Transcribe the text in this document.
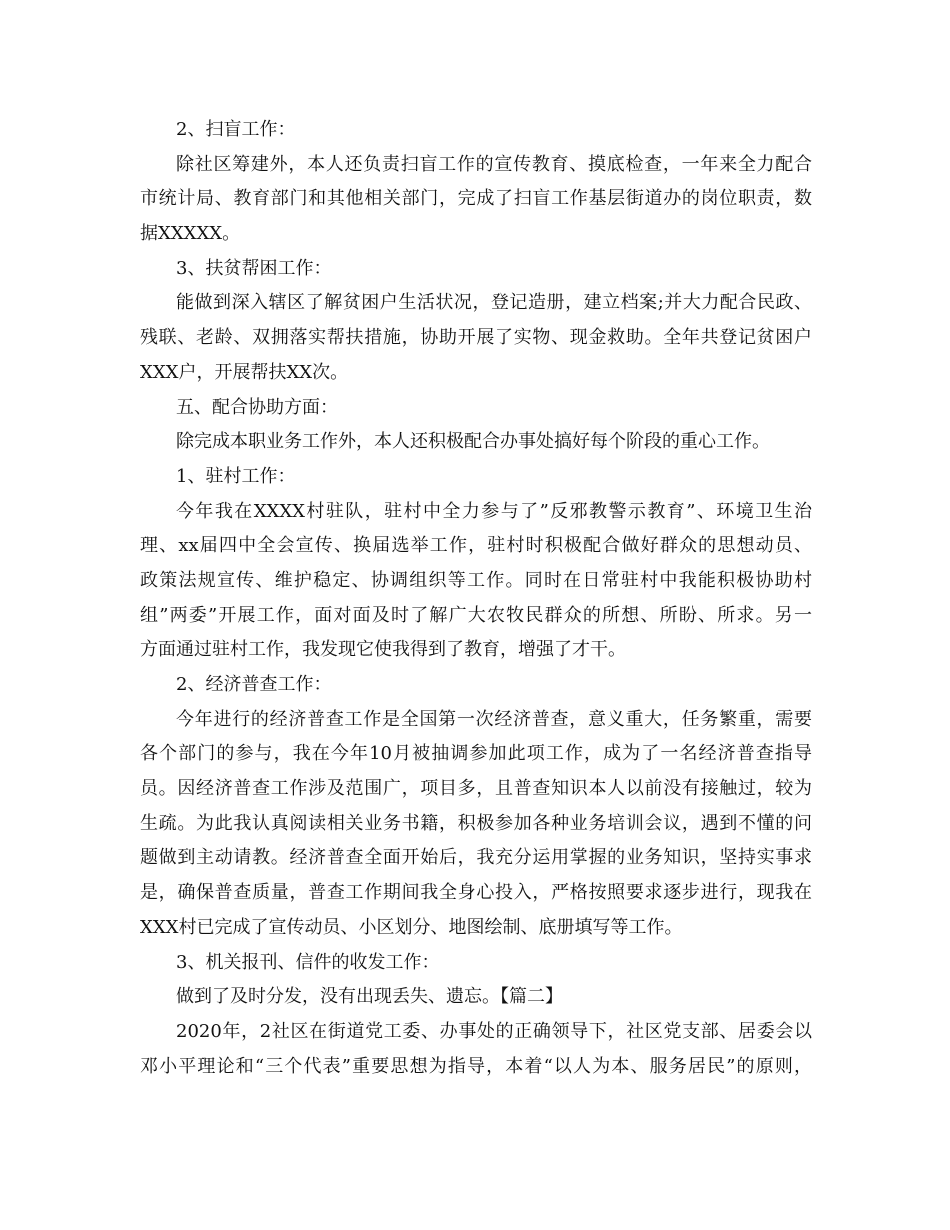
2、扫盲工作：
除社区筹建外，本人还负责扫盲工作的宣传教育、摸底检查，一年来全力配合
市统计局、教育部门和其他相关部门，完成了扫盲工作基层街道办的岗位职责，数
据XXXXX。
3、扶贫帮困工作：
能做到深入辖区了解贫困户生活状况，登记造册，建立档案;并大力配合民政、
残联、老龄、双拥落实帮扶措施，协助开展了实物、现金救助。全年共登记贫困户
XXX户，开展帮扶XX次。
五、配合协助方面：
除完成本职业务工作外，本人还积极配合办事处搞好每个阶段的重心工作。
1、驻村工作：
今年我在XXXX村驻队，驻村中全力参与了”反邪教警示教育”、环境卫生治
理、xx届四中全会宣传、换届选举工作，驻村时积极配合做好群众的思想动员、
政策法规宣传、维护稳定、协调组织等工作。同时在日常驻村中我能积极协助村
组”两委”开展工作，面对面及时了解广大农牧民群众的所想、所盼、所求。另一
方面通过驻村工作，我发现它使我得到了教育，增强了才干。
2、经济普查工作：
今年进行的经济普查工作是全国第一次经济普查，意义重大，任务繁重，需要
各个部门的参与，我在今年10月被抽调参加此项工作，成为了一名经济普查指导
员。因经济普查工作涉及范围广，项目多，且普查知识本人以前没有接触过，较为
生疏。为此我认真阅读相关业务书籍，积极参加各种业务培训会议，遇到不懂的问
题做到主动请教。经济普查全面开始后，我充分运用掌握的业务知识，坚持实事求
是，确保普查质量，普查工作期间我全身心投入，严格按照要求逐步进行，现我在
XXX村已完成了宣传动员、小区划分、地图绘制、底册填写等工作。
3、机关报刊、信件的收发工作：
做到了及时分发，没有出现丢失、遗忘。【篇二】
2020年，2社区在街道党工委、办事处的正确领导下，社区党支部、居委会以
邓小平理论和“三个代表”重要思想为指导，本着“以人为本、服务居民”的原则，
